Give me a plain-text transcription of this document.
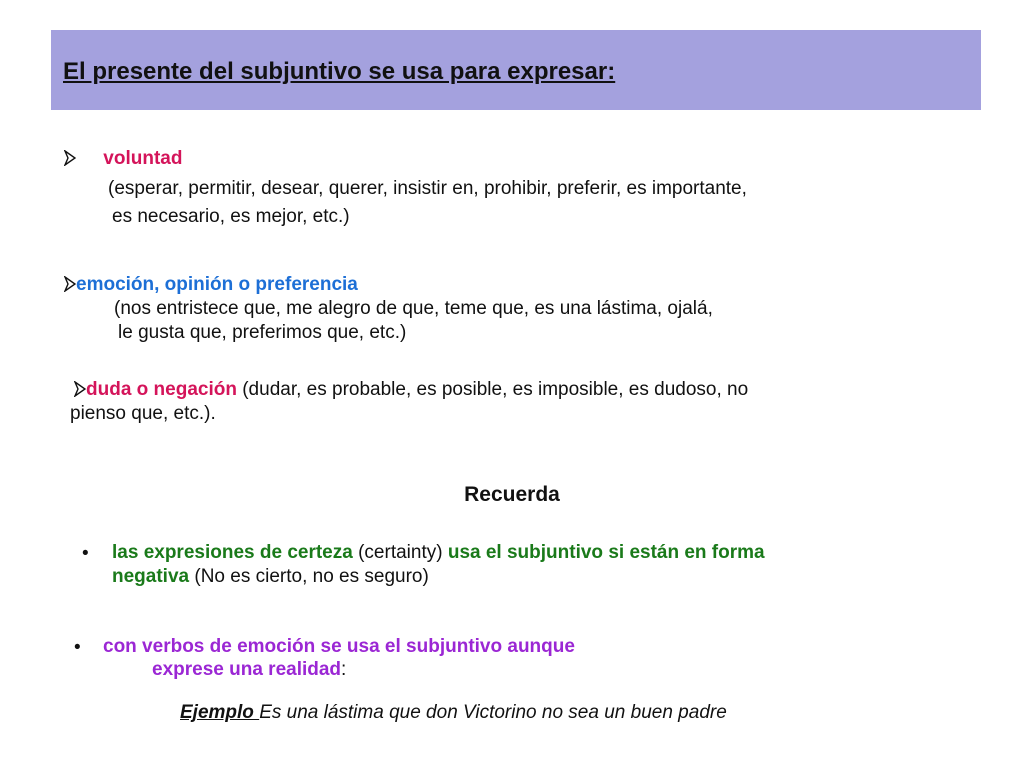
El presente del subjuntivo se usa para expresar:
voluntad
(esperar, permitir, desear, querer, insistir en, prohibir, preferir, es importante,
es necesario, es mejor, etc.)
emoción, opinión o preferencia
(nos entristece que, me alegro de que, teme que, es una lástima, ojalá,
le gusta que, preferimos que, etc.)
duda o negación (dudar, es probable, es posible, es imposible, es dudoso, no
pienso que, etc.).
Recuerda
• las expresiones de certeza (certainty) usa el subjuntivo si están en forma
negativa (No es cierto, no es seguro)
• con verbos de emoción se usa el subjuntivo aunque
exprese una realidad:
Ejemplo Es una lástima que don Victorino no sea un buen padre
